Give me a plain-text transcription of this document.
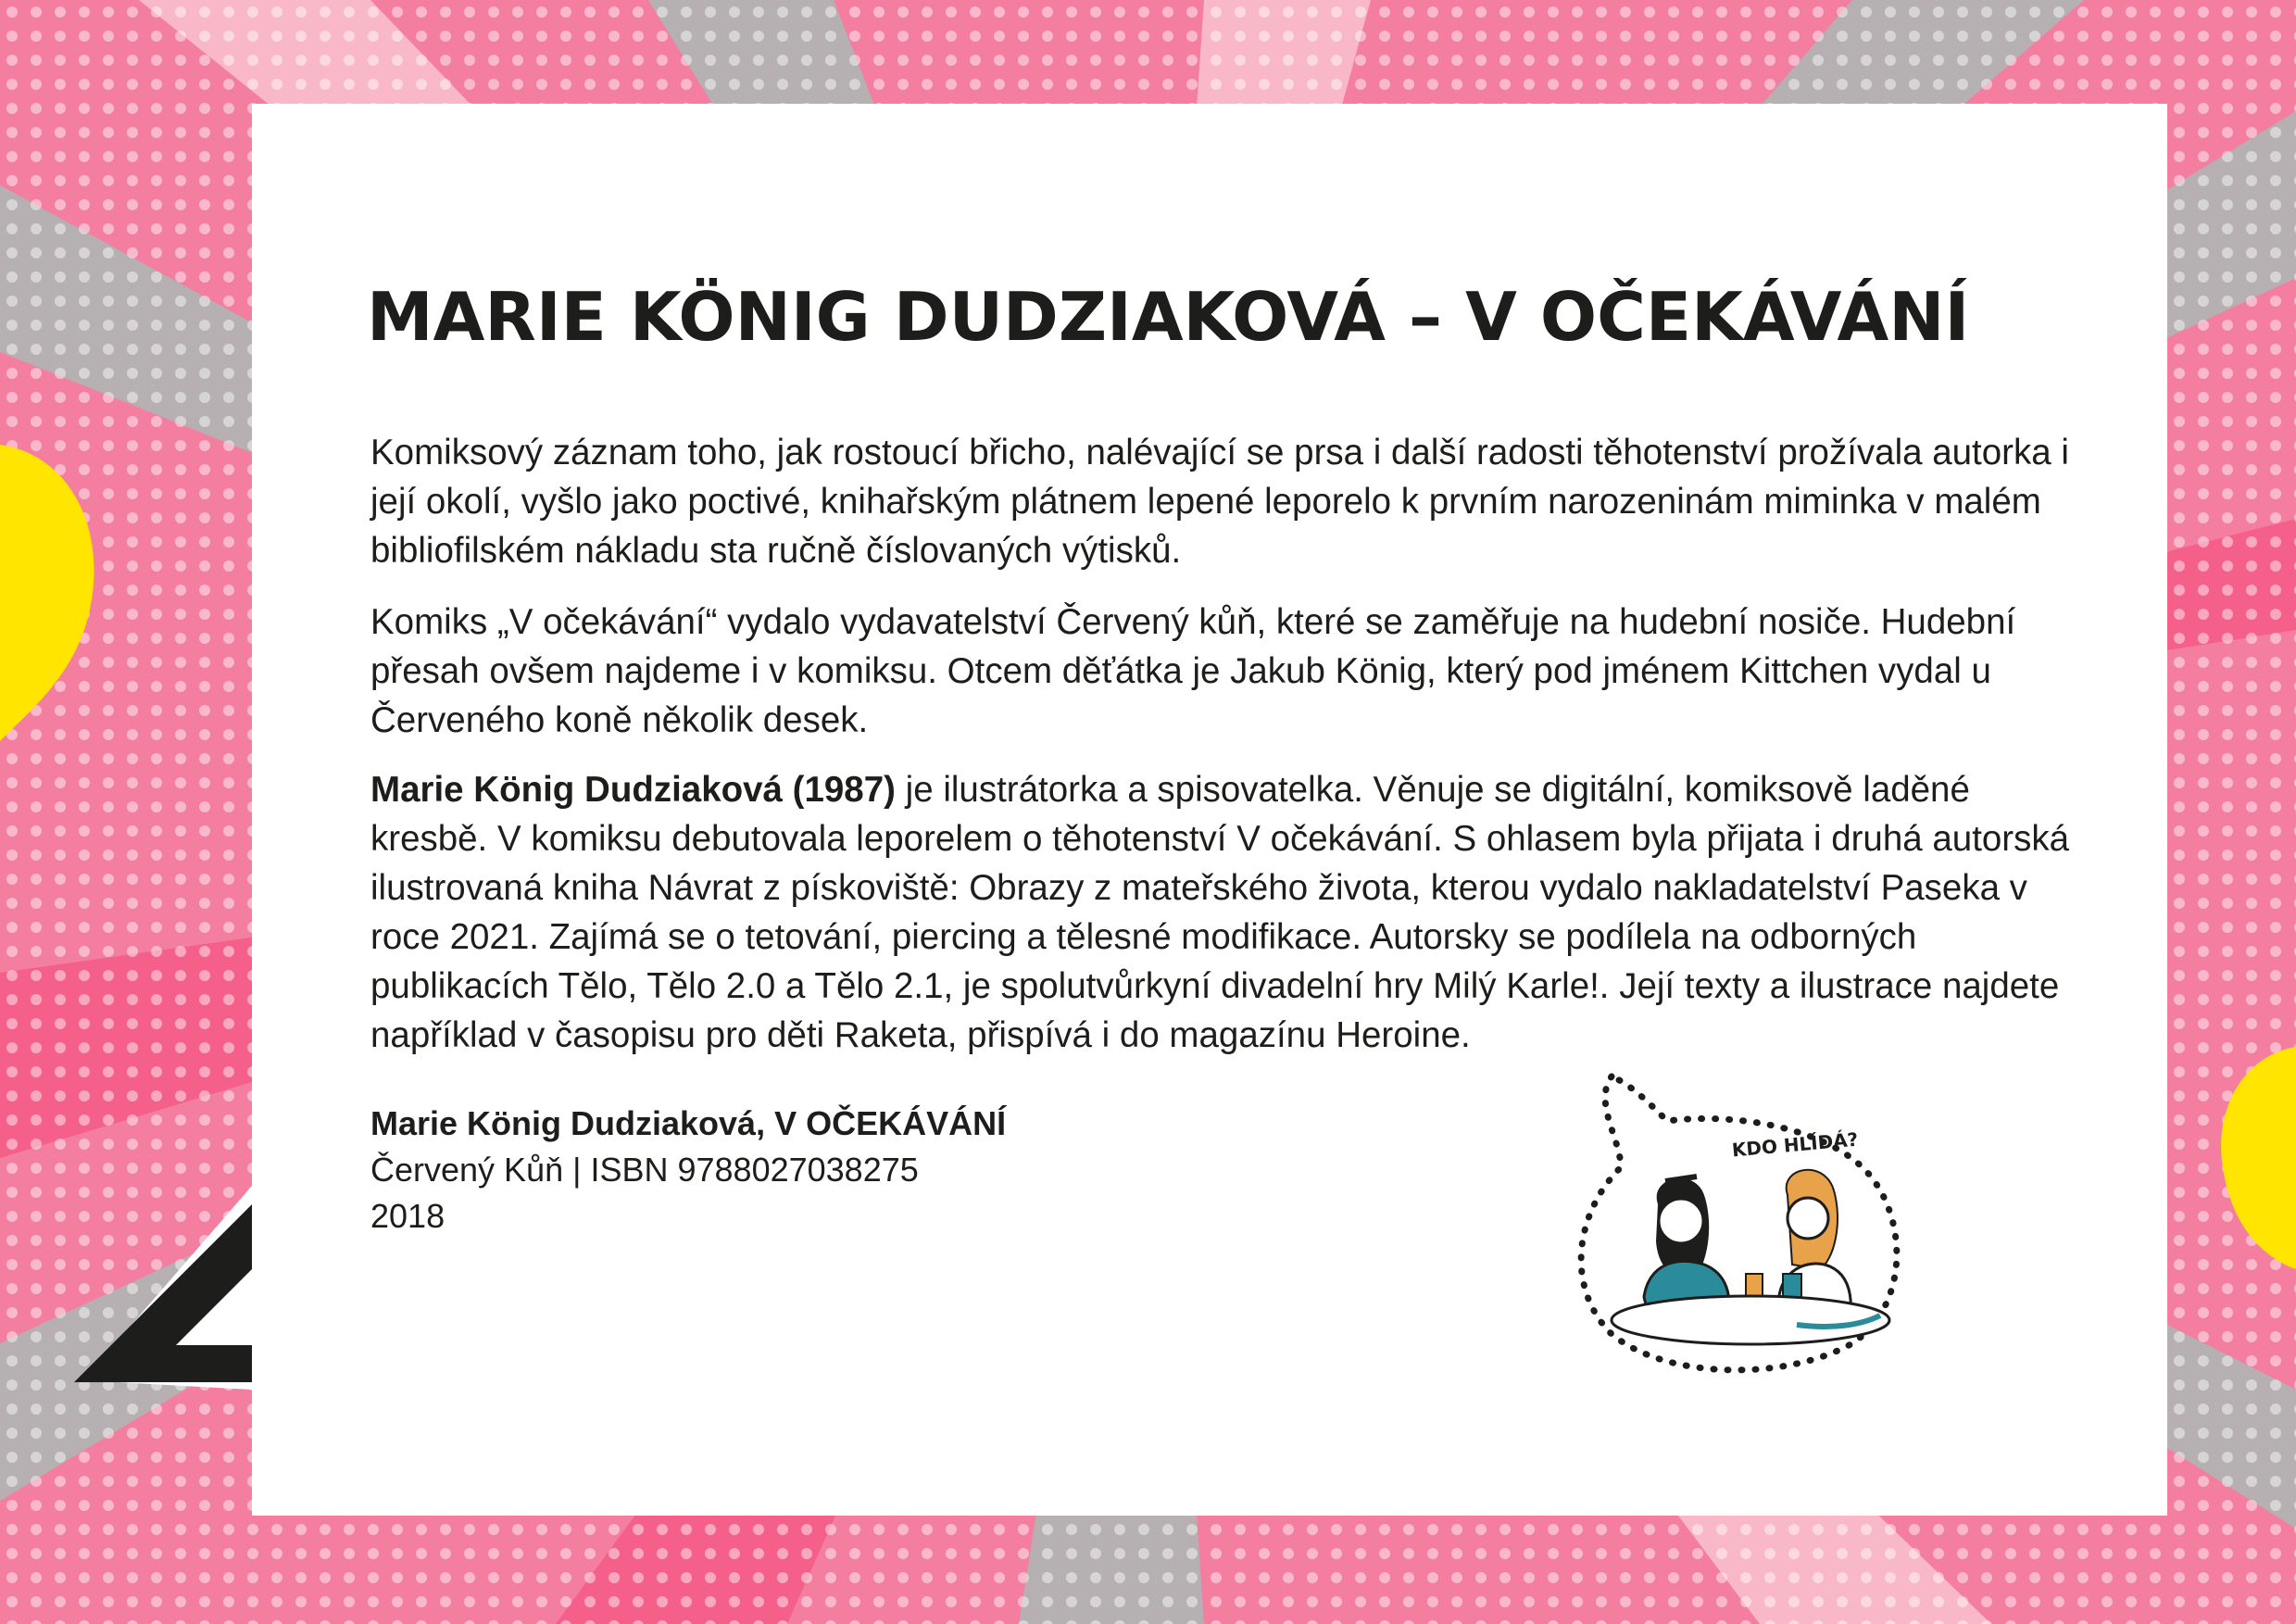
MARIE KÖNIG DUDZIAKOVÁ – V OČEKÁVÁNÍ

Komiksový záznam toho, jak rostoucí břicho, nalévající se prsa i další radosti těhotenství prožívala autorka i její okolí, vyšlo jako poctivé, knihařským plátnem lepené leporelo k prvním narozeninám miminka v malém bibliofilském nákladu sta ručně číslovaných výtisků.

Komiks „V očekávání“ vydalo vydavatelství Červený kůň, které se zaměřuje na hudební nosiče. Hudební přesah ovšem najdeme i v komiksu. Otcem děťátka je Jakub König, který pod jménem Kittchen vydal u Červeného koně několik desek.

Marie König Dudziaková (1987) je ilustrátorka a spisovatelka. Věnuje se digitální, komiksově laděné kresbě. V komiksu debutovala leporelem o těhotenství V očekávání. S ohlasem byla přijata i druhá autorská ilustrovaná kniha Návrat z pískoviště: Obrazy z mateřského života, kterou vydalo nakladatelství Paseka v roce 2021. Zajímá se o tetování, piercing a tělesné modifikace. Autorsky se podílela na odborných publikacích Tělo, Tělo 2.0 a Tělo 2.1, je spolutvůrkyní divadelní hry Milý Karle!. Její texty a ilustrace najdete například v časopisu pro děti Raketa, přispívá i do magazínu Heroine.

Marie König Dudziaková, V OČEKÁVÁNÍ
Červený Kůň | ISBN 9788027038275
2018
KDO HLÍDÁ?
